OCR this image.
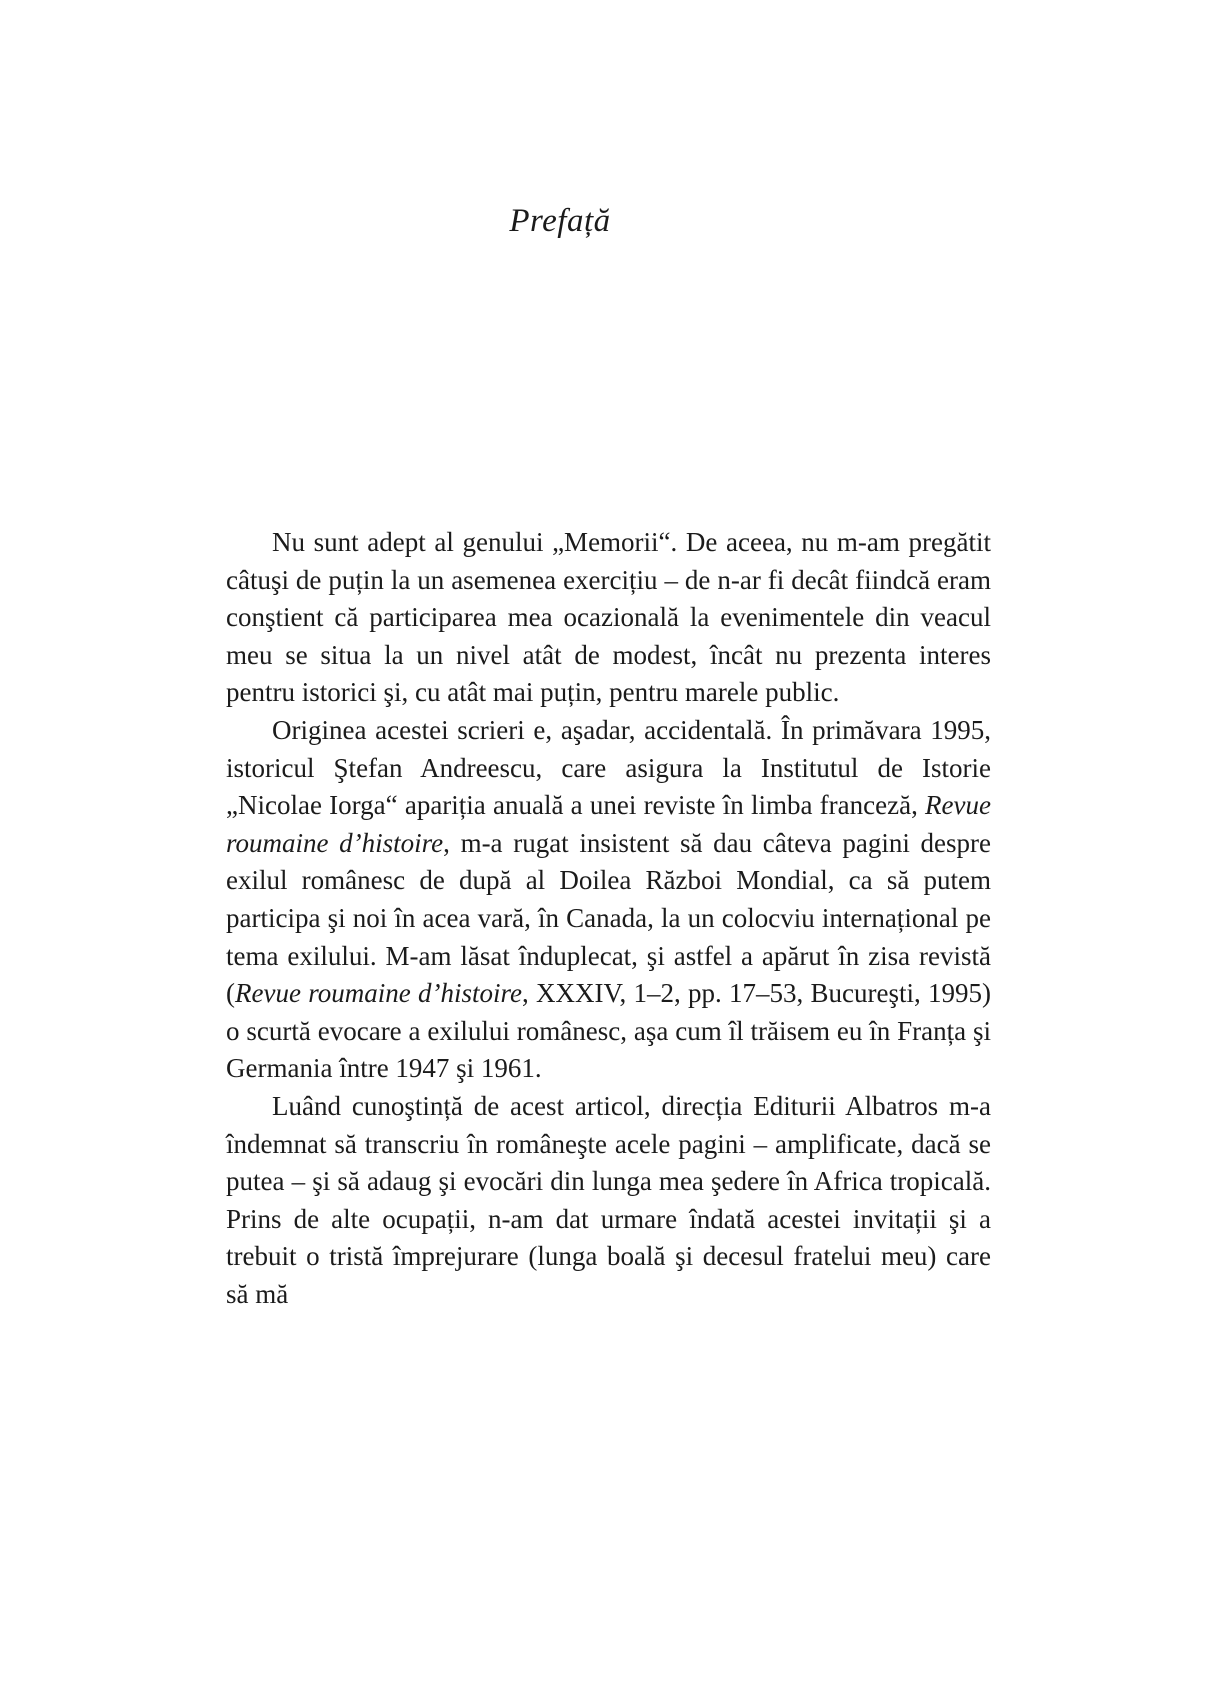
Prefață

Nu sunt adept al genului „Memorii“. De aceea, nu m-am pregătit câtuşi de puțin la un asemenea exercițiu – de n-ar fi decât fiindcă eram conştient că participarea mea ocazională la evenimentele din veacul meu se situa la un nivel atât de modest, încât nu prezenta interes pentru istorici şi, cu atât mai puțin, pentru marele public.

Originea acestei scrieri e, aşadar, accidentală. În primăvara 1995, istoricul Ştefan Andreescu, care asigura la Institutul de Istorie „Nicolae Iorga“ apariția anuală a unei reviste în limba franceză, Revue roumaine d’histoire, m-a rugat insistent să dau câteva pagini despre exilul românesc de după al Doilea Război Mondial, ca să putem participa şi noi în acea vară, în Canada, la un colocviu internațional pe tema exilului. M-am lăsat înduplecat, şi astfel a apărut în zisa revistă (Revue roumaine d’histoire, XXXIV, 1–2, pp. 17–53, Bucureşti, 1995) o scurtă evocare a exilului românesc, aşa cum îl trăisem eu în Franța şi Germania între 1947 şi 1961.

Luând cunoştință de acest articol, direcția Editurii Albatros m-a îndemnat să transcriu în româneşte acele pagini – amplificate, dacă se putea – şi să adaug şi evocări din lunga mea şedere în Africa tropicală. Prins de alte ocupații, n-am dat urmare îndată acestei invitații şi a trebuit o tristă împrejurare (lunga boală şi decesul fratelui meu) care să mă
